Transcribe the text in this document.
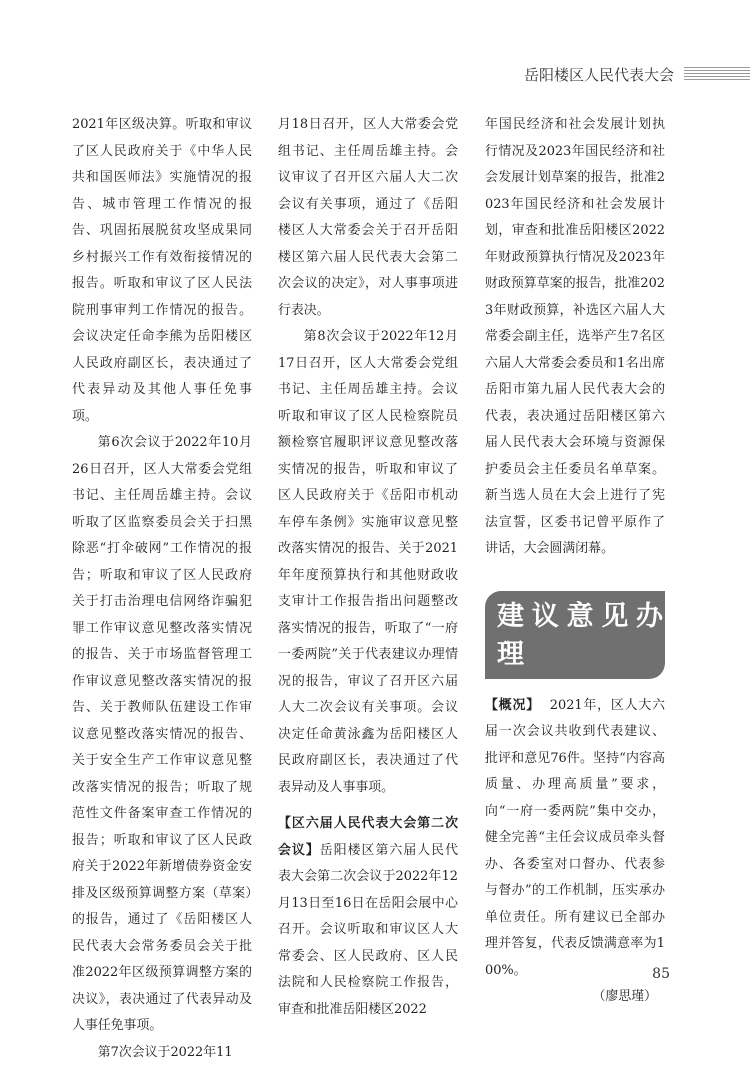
岳阳楼区人民代表大会

2021年区级决算。听取和审议了区人民政府关于《中华人民共和国医师法》实施情况的报告、城市管理工作情况的报告、巩固拓展脱贫攻坚成果同乡村振兴工作有效衔接情况的报告。听取和审议了区人民法院刑事审判工作情况的报告。会议决定任命李熊为岳阳楼区人民政府副区长，表决通过了代表异动及其他人事任免事项。

第6次会议于2022年10月26日召开，区人大常委会党组书记、主任周岳雄主持。会议听取了区监察委员会关于扫黑除恶“打伞破网”工作情况的报告；听取和审议了区人民政府关于打击治理电信网络诈骗犯罪工作审议意见整改落实情况的报告、关于市场监督管理工作审议意见整改落实情况的报告、关于教师队伍建设工作审议意见整改落实情况的报告、关于安全生产工作审议意见整改落实情况的报告；听取了规范性文件备案审查工作情况的报告；听取和审议了区人民政府关于2022年新增债券资金安排及区级预算调整方案（草案）的报告，通过了《岳阳楼区人民代表大会常务委员会关于批准2022年区级预算调整方案的决议》，表决通过了代表异动及人事任免事项。

第7次会议于2022年11

月18日召开，区人大常委会党组书记、主任周岳雄主持。会议审议了召开区六届人大二次会议有关事项，通过了《岳阳楼区人大常委会关于召开岳阳楼区第六届人民代表大会第二次会议的决定》，对人事事项进行表决。

第8次会议于2022年12月17日召开，区人大常委会党组书记、主任周岳雄主持。会议听取和审议了区人民检察院员额检察官履职评议意见整改落实情况的报告，听取和审议了区人民政府关于《岳阳市机动车停车条例》实施审议意见整改落实情况的报告、关于2021年年度预算执行和其他财政收支审计工作报告指出问题整改落实情况的报告，听取了“一府一委两院”关于代表建议办理情况的报告，审议了召开区六届人大二次会议有关事项。会议决定任命黄泳鑫为岳阳楼区人民政府副区长，表决通过了代表异动及人事事项。

【区六届人民代表大会第二次会议】岳阳楼区第六届人民代表大会第二次会议于2022年12月13日至16日在岳阳会展中心召开。会议听取和审议区人大常委会、区人民政府、区人民法院和人民检察院工作报告，审查和批准岳阳楼区2022

年国民经济和社会发展计划执行情况及2023年国民经济和社会发展计划草案的报告，批准2023年国民经济和社会发展计划，审查和批准岳阳楼区2022年财政预算执行情况及2023年财政预算草案的报告，批准2023年财政预算，补选区六届人大常委会副主任，选举产生7名区六届人大常委会委员和1名出席岳阳市第九届人民代表大会的代表，表决通过岳阳楼区第六届人民代表大会环境与资源保护委员会主任委员名单草案。新当选人员在大会上进行了宪法宣誓，区委书记曾平原作了讲话，大会圆满闭幕。

建议意见办理

【概况】 2021年，区人大六届一次会议共收到代表建议、批评和意见76件。坚持“内容高质量、办理高质量”要求，向“一府一委两院”集中交办，健全完善“主任会议成员牵头督办、各委室对口督办、代表参与督办”的工作机制，压实承办单位责任。所有建议已全部办理并答复，代表反馈满意率为100%。

（廖思瑾）

85
